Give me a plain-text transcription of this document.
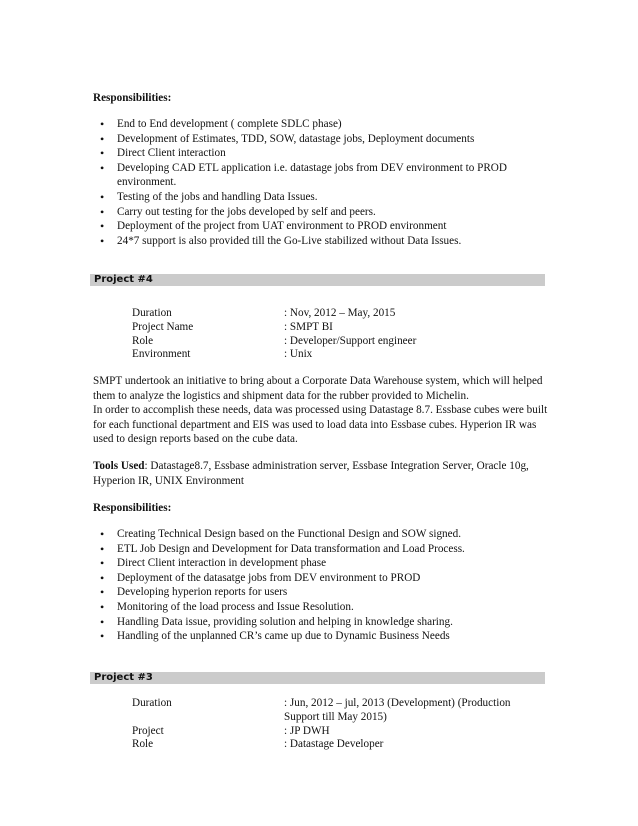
Responsibilities:
• End to End development ( complete SDLC phase)
• Development of Estimates, TDD, SOW, datastage jobs, Deployment documents
• Direct Client interaction
• Developing CAD ETL application i.e. datastage jobs from DEV environment to PROD environment.
• Testing of the jobs and handling Data Issues.
• Carry out testing for the jobs developed by self and peers.
• Deployment of the project from UAT environment to PROD environment
• 24*7 support is also provided till the Go-Live stabilized without Data Issues.
Project #4
Duration	: Nov, 2012 – May, 2015
Project Name	: SMPT BI
Role	: Developer/Support engineer
Environment	: Unix
SMPT undertook an initiative to bring about a Corporate Data Warehouse system, which will helped them to analyze the logistics and shipment data for the rubber provided to Michelin.
In order to accomplish these needs, data was processed using Datastage 8.7. Essbase cubes were built for each functional department and EIS was used to load data into Essbase cubes. Hyperion IR was used to design reports based on the cube data.
Tools Used: Datastage8.7, Essbase administration server, Essbase Integration Server, Oracle 10g, Hyperion IR, UNIX Environment
Responsibilities:
• Creating Technical Design based on the Functional Design and SOW signed.
• ETL Job Design and Development for Data transformation and Load Process.
• Direct Client interaction in development phase
• Deployment of the datasatge jobs from DEV environment to PROD
• Developing hyperion reports for users
• Monitoring of the load process and Issue Resolution.
• Handling Data issue, providing solution and helping in knowledge sharing.
• Handling of the unplanned CR’s came up due to Dynamic Business Needs
Project #3
Duration	: Jun, 2012 – jul, 2013 (Development) (Production Support till May 2015)
Project	: JP DWH
Role	: Datastage Developer
